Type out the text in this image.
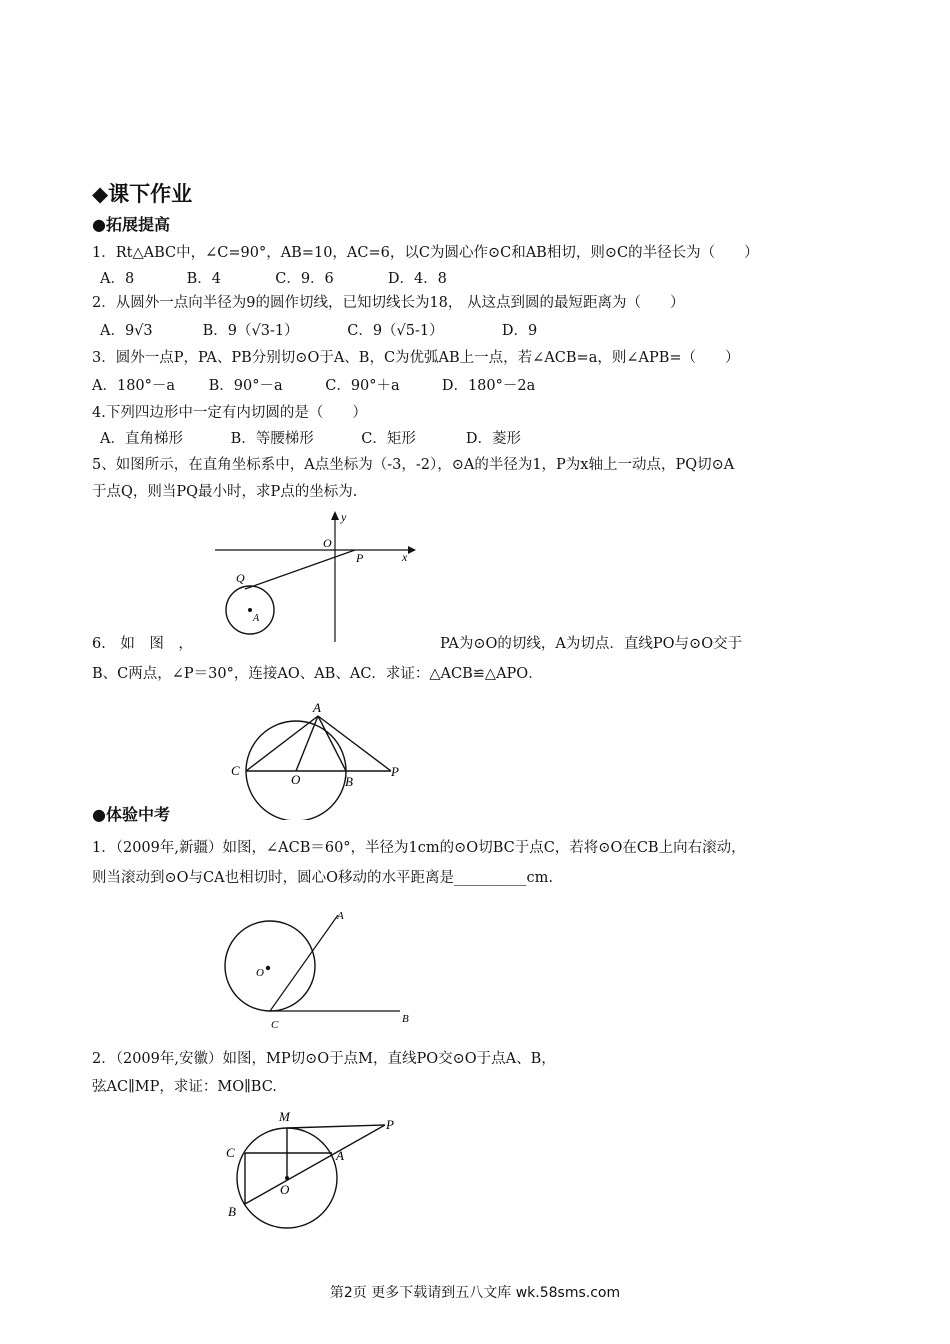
◆课下作业
●拓展提高
1．Rt△ABC中，∠C=90°，AB=10，AC=6，以C为圆心作⊙C和AB相切，则⊙C的半径长为（　　）
A．8	B．4	C．9．6	D．4．8
2．从圆外一点向半径为9的圆作切线，已知切线长为18， 从这点到圆的最短距离为（　　）
A．9√3	B．9（√3-1）	C．9（√5-1）	D．9
3．圆外一点P，PA、PB分别切⊙O于A、B，C为优弧AB上一点，若∠ACB=a，则∠APB=（　　）
A．180°－a B．90°－a	C．90°＋a	D．180°－2a
4.下列四边形中一定有内切圆的是（　　）
A．直角梯形	B．等腰梯形	C．矩形	D．菱形
5、如图所示，在直角坐标系中，A点坐标为（-3，-2），⊙A的半径为1，P为x轴上一动点，PQ切⊙A
于点Q，则当PQ最小时，求P点的坐标为.
y
x
O
P
Q
A
6.　如　图　，	PA为⊙O的切线，A为切点．直线PO与⊙O交于
B、C两点，∠P＝30°，连接AO、AB、AC．求证：△ACB≌△APO．
A
C
O	B
P
●体验中考
1．（2009年,新疆）如图，∠ACB＝60°，半径为1cm的⊙O切BC于点C，若将⊙O在CB上向右滚动，
则当滚动到⊙O与CA也相切时，圆心O移动的水平距离是__________cm.
A
O
C	B
2．（2009年,安徽）如图，MP切⊙O于点M，直线PO交⊙O于点A、B，
弦AC∥MP，求证：MO∥BC.
M
P
C	A
O
B
第2页 更多下载请到五八文库 wk.58sms.com
